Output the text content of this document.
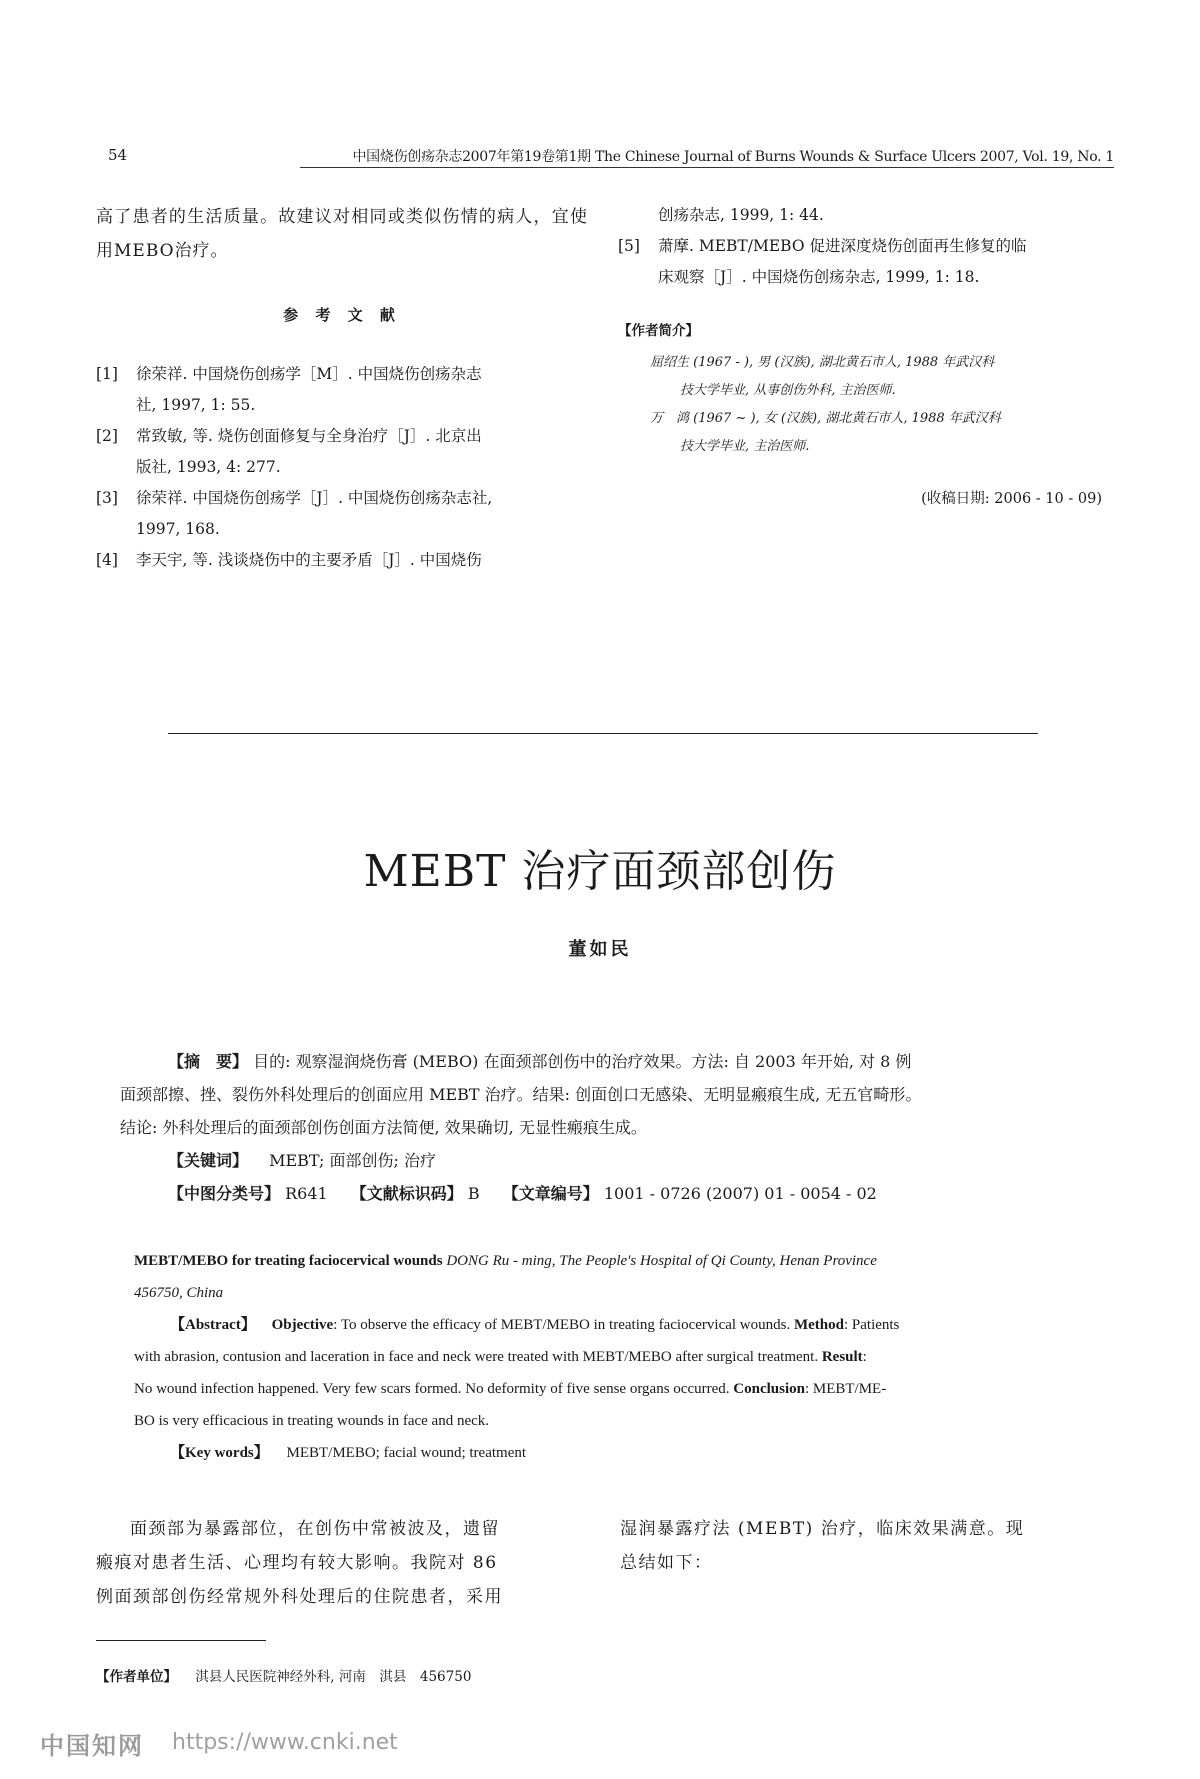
54	中国烧伤创疡杂志2007年第19卷第1期 The Chinese Journal of Burns Wounds & Surface Ulcers 2007, Vol. 19, No. 1

高了患者的生活质量。故建议对相同或类似伤情的病人，宜使用MEBO治疗。

参 考 文 献
[1]	徐荣祥. 中国烧伤创疡学［M］. 中国烧伤创疡杂志
社, 1997, 1: 55.
[2]	常致敏, 等. 烧伤创面修复与全身治疗［J］. 北京出
版社, 1993, 4: 277.
[3]	徐荣祥. 中国烧伤创疡学［J］. 中国烧伤创疡杂志社,
1997, 168.
[4]	李天宇, 等. 浅谈烧伤中的主要矛盾［J］. 中国烧伤
创疡杂志, 1999, 1: 44.
[5]	萧摩. MEBT/MEBO 促进深度烧伤创面再生修复的临
床观察［J］. 中国烧伤创疡杂志, 1999, 1: 18.
【作者简介】
屈绍生 (1967 - ), 男 (汉族), 湖北黄石市人, 1988 年武汉科
技大学毕业, 从事创伤外科, 主治医师.
万　鸿 (1967 ~ ), 女 (汉族), 湖北黄石市人, 1988 年武汉科
技大学毕业, 主治医师.
(收稿日期: 2006 - 10 - 09)
MEBT 治疗面颈部创伤
董如民
【摘　要】 目的: 观察湿润烧伤膏 (MEBO) 在面颈部创伤中的治疗效果。方法: 自 2003 年开始, 对 8 例
面颈部擦、挫、裂伤外科处理后的创面应用 MEBT 治疗。结果: 创面创口无感染、无明显瘢痕生成, 无五官畸形。
结论: 外科处理后的面颈部创伤创面方法简便, 效果确切, 无显性瘢痕生成。
【关键词】 MEBT; 面部创伤; 治疗
【中图分类号】 R641 【文献标识码】 B 【文章编号】 1001 - 0726 (2007) 01 - 0054 - 02
MEBT/MEBO for treating faciocervical wounds DONG Ru - ming, The People's Hospital of Qi County, Henan Province
456750, China
【Abstract】 Objective: To observe the efficacy of MEBT/MEBO in treating faciocervical wounds. Method: Patients
with abrasion, contusion and laceration in face and neck were treated with MEBT/MEBO after surgical treatment. Result:
No wound infection happened. Very few scars formed. No deformity of five sense organs occurred. Conclusion: MEBT/ME-
BO is very efficacious in treating wounds in face and neck.
【Key words】 MEBT/MEBO; facial wound; treatment
面颈部为暴露部位，在创伤中常被波及，遗留
瘢痕对患者生活、心理均有较大影响。我院对 86
例面颈部创伤经常规外科处理后的住院患者，采用
湿润暴露疗法 (MEBT) 治疗，临床效果满意。现
总结如下：
【作者单位】 淇县人民医院神经外科, 河南　淇县　456750
中国知网 https://www.cnki.net
